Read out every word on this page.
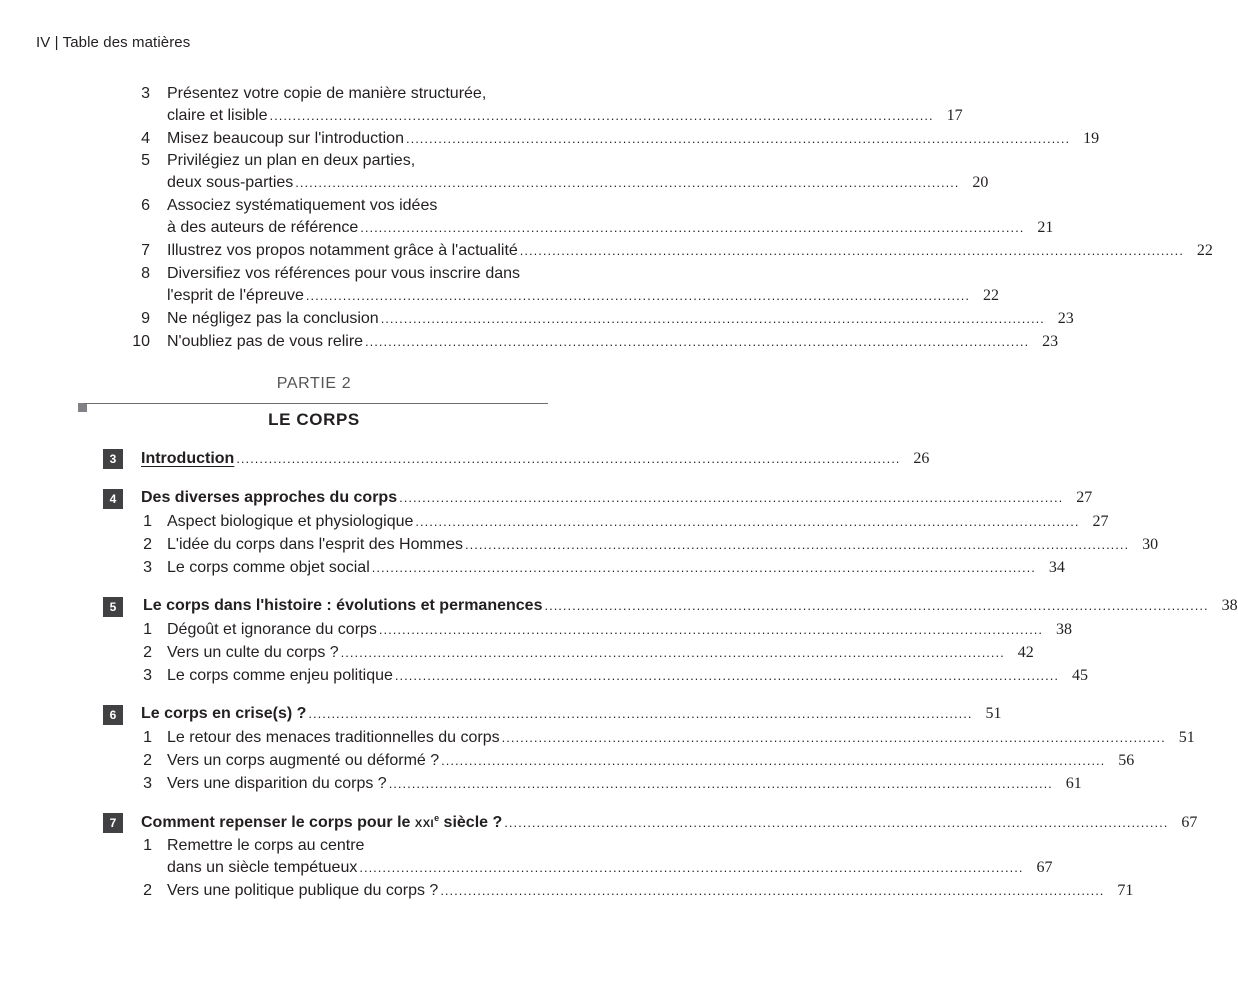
IV | Table des matières
3 Présentez votre copie de manière structurée,
claire et lisible ................................................................................................................................................ 17
4 Misez beaucoup sur l'introduction ................................................................................................................................................ 19
5 Privilégiez un plan en deux parties,
deux sous-parties ................................................................................................................................................ 20
6 Associez systématiquement vos idées
à des auteurs de référence ................................................................................................................................................ 21
7 Illustrez vos propos notamment grâce à l'actualité ................................................................................................................................................ 22
8 Diversifiez vos références pour vous inscrire dans
l'esprit de l'épreuve ................................................................................................................................................ 22
9 Ne négligez pas la conclusion ................................................................................................................................................ 23
10 N'oubliez pas de vous relire ................................................................................................................................................ 23
PARTIE 2
LE CORPS
3	Introduction ................................................................................................................................................ 26
4	Des diverses approches du corps ................................................................................................................................................ 27
1 Aspect biologique et physiologique ................................................................................................................................................ 27
2 L'idée du corps dans l'esprit des Hommes ................................................................................................................................................ 30
3 Le corps comme objet social ................................................................................................................................................ 34
5	Le corps dans l'histoire : évolutions et permanences ................................................................................................................................................ 38
1 Dégoût et ignorance du corps ................................................................................................................................................ 38
2 Vers un culte du corps ? ................................................................................................................................................ 42
3 Le corps comme enjeu politique ................................................................................................................................................ 45
6	Le corps en crise(s) ? ................................................................................................................................................ 51
1 Le retour des menaces traditionnelles du corps ................................................................................................................................................ 51
2 Vers un corps augmenté ou déformé ? ................................................................................................................................................ 56
3 Vers une disparition du corps ? ................................................................................................................................................ 61
7	Comment repenser le corps pour le XXIe siècle ? ................................................................................................................................................ 67
1 Remettre le corps au centre
dans un siècle tempétueux ................................................................................................................................................ 67
2 Vers une politique publique du corps ? ................................................................................................................................................ 71
